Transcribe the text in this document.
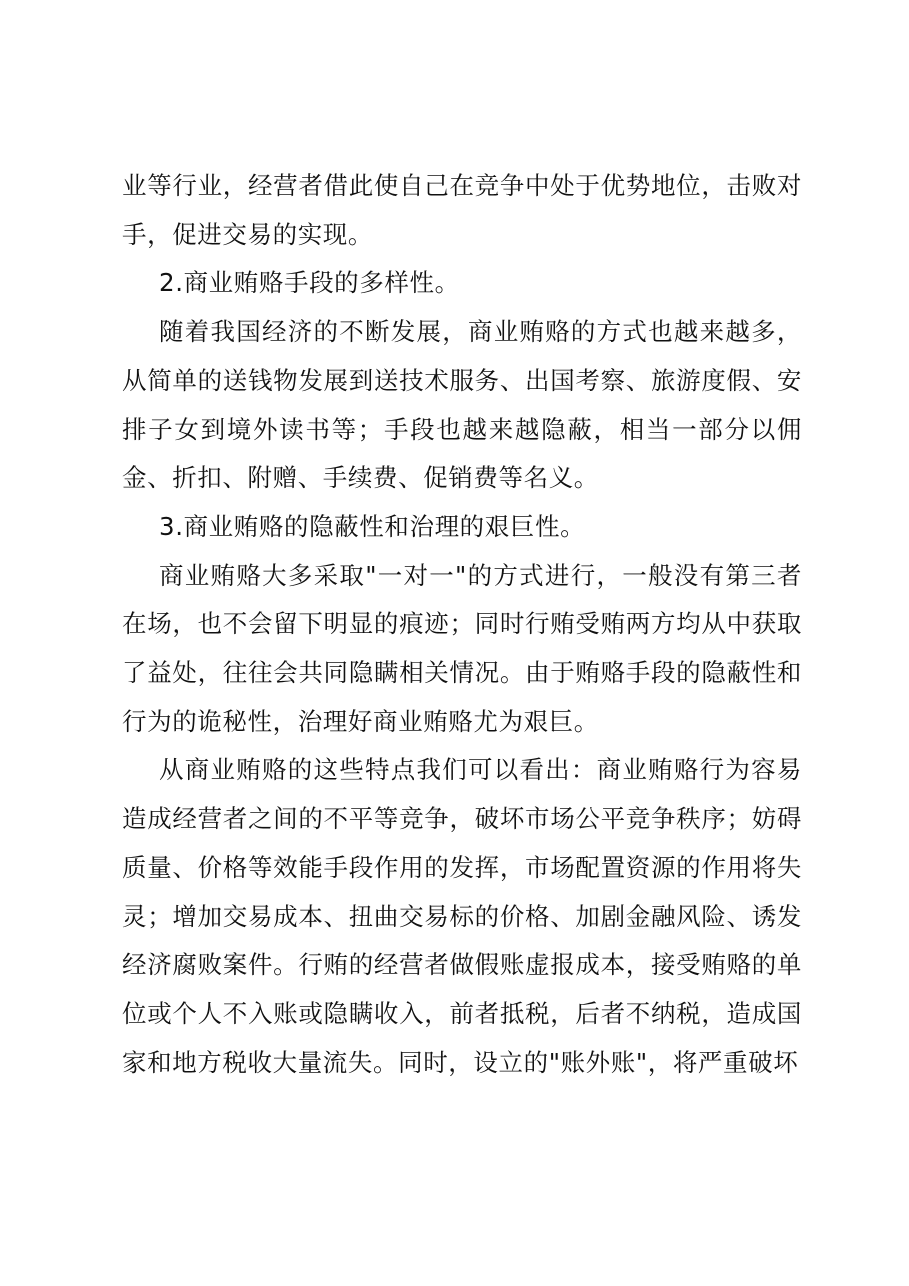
业等行业，经营者借此使自己在竞争中处于优势地位，击败对手，促进交易的实现。

2.商业贿赂手段的多样性。

随着我国经济的不断发展，商业贿赂的方式也越来越多，从简单的送钱物发展到送技术服务、出国考察、旅游度假、安排子女到境外读书等；手段也越来越隐蔽，相当一部分以佣金、折扣、附赠、手续费、促销费等名义。

3.商业贿赂的隐蔽性和治理的艰巨性。

商业贿赂大多采取"一对一"的方式进行，一般没有第三者在场，也不会留下明显的痕迹；同时行贿受贿两方均从中获取了益处，往往会共同隐瞒相关情况。由于贿赂手段的隐蔽性和行为的诡秘性，治理好商业贿赂尤为艰巨。

从商业贿赂的这些特点我们可以看出：商业贿赂行为容易造成经营者之间的不平等竞争，破坏市场公平竞争秩序；妨碍质量、价格等效能手段作用的发挥，市场配置资源的作用将失灵；增加交易成本、扭曲交易标的价格、加剧金融风险、诱发经济腐败案件。行贿的经营者做假账虚报成本，接受贿赂的单位或个人不入账或隐瞒收入，前者抵税，后者不纳税，造成国家和地方税收大量流失。同时，设立的"账外账"，将严重破坏
